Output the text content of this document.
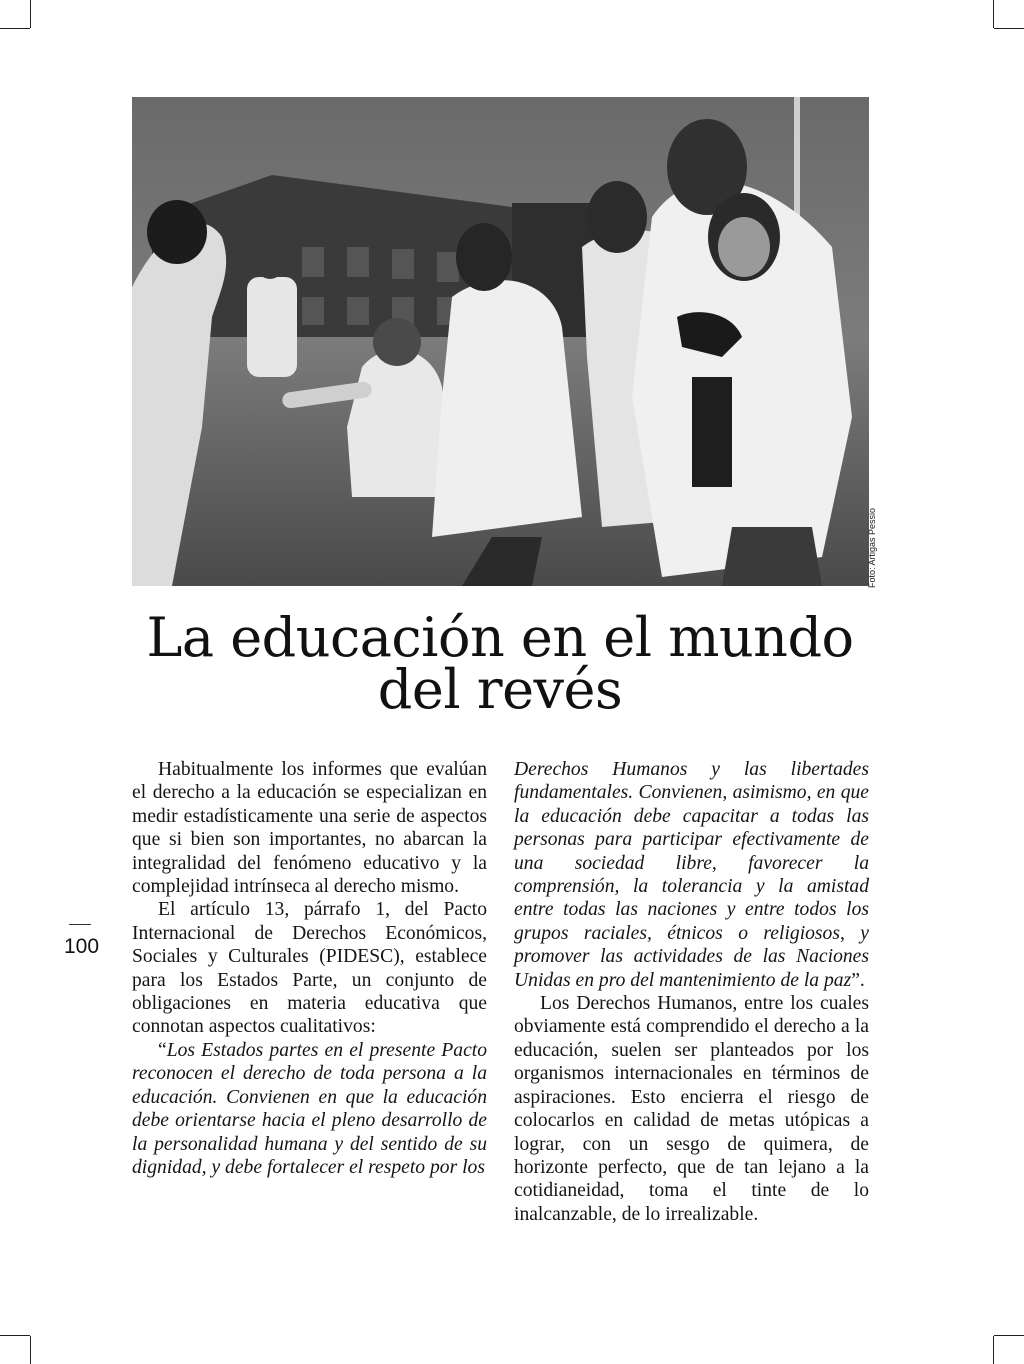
Foto: Artigas Pessio
La educación en el mundo
del revés
100

Habitualmente los informes que evalúan el derecho a la educación se especializan en medir estadísticamente una serie de aspectos que si bien son importantes, no abarcan la integralidad del fenómeno educativo y la complejidad intrínseca al derecho mismo.

El artículo 13, párrafo 1, del Pacto Internacional de Derechos Económicos, Sociales y Culturales (PIDESC), establece para los Estados Parte, un conjunto de obligaciones en materia educativa que connotan aspectos cualitativos:

“Los Estados partes en el presente Pacto reconocen el derecho de toda persona a la educación. Convienen en que la educación debe orientarse hacia el pleno desarrollo de la personalidad humana y del sentido de su dignidad, y debe fortalecer el respeto por los

Derechos Humanos y las libertades fundamentales. Convienen, asimismo, en que la educación debe capacitar a todas las personas para participar efectivamente de una sociedad libre, favorecer la comprensión, la tolerancia y la amistad entre todas las naciones y entre todos los grupos raciales, étnicos o religiosos, y promover las actividades de las Naciones Unidas en pro del mantenimiento de la paz”.

Los Derechos Humanos, entre los cuales obviamente está comprendido el derecho a la educación, suelen ser planteados por los organismos internacionales en términos de aspiraciones. Esto encierra el riesgo de colocarlos en calidad de metas utópicas a lograr, con un sesgo de quimera, de horizonte perfecto, que de tan lejano a la cotidianeidad, toma el tinte de lo inalcanzable, de lo irrealizable.
